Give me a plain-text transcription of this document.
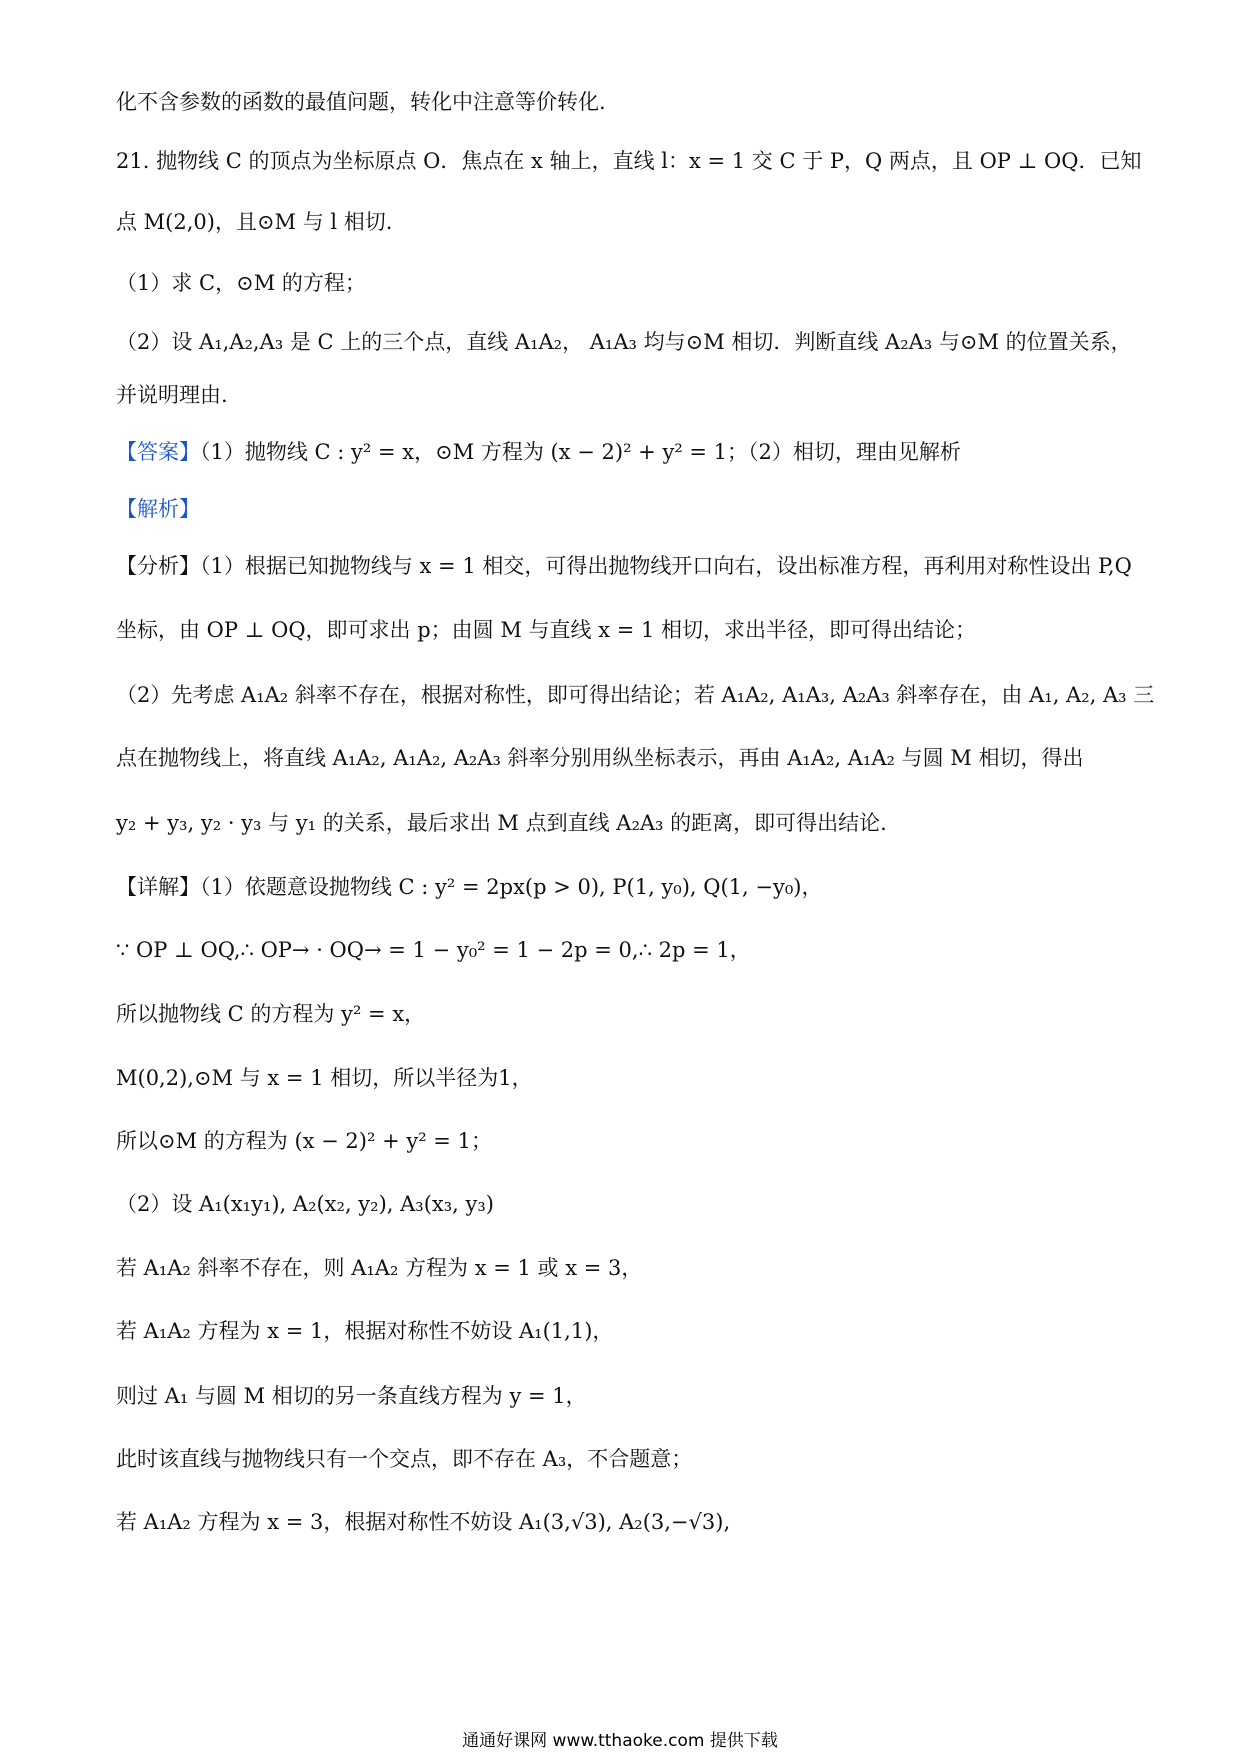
化不含参数的函数的最值问题，转化中注意等价转化.
21. 抛物线 C 的顶点为坐标原点 O．焦点在 x 轴上，直线 l：x = 1 交 C 于 P，Q 两点，且 OP ⊥ OQ．已知
点 M(2,0)，且⊙M 与 l 相切.
（1）求 C，⊙M 的方程；
（2）设 A₁,A₂,A₃ 是 C 上的三个点，直线 A₁A₂， A₁A₃ 均与⊙M 相切．判断直线 A₂A₃ 与⊙M 的位置关系，
并说明理由.
【答案】（1）抛物线 C : y² = x，⊙M 方程为 (x − 2)² + y² = 1；（2）相切，理由见解析
【解析】
【分析】（1）根据已知抛物线与 x = 1 相交，可得出抛物线开口向右，设出标准方程，再利用对称性设出 P,Q
坐标，由 OP ⊥ OQ，即可求出 p；由圆 M 与直线 x = 1 相切，求出半径，即可得出结论；
（2）先考虑 A₁A₂ 斜率不存在，根据对称性，即可得出结论；若 A₁A₂, A₁A₃, A₂A₃ 斜率存在，由 A₁, A₂, A₃ 三
点在抛物线上，将直线 A₁A₂, A₁A₂, A₂A₃ 斜率分别用纵坐标表示，再由 A₁A₂, A₁A₂ 与圆 M 相切，得出
y₂ + y₃, y₂ · y₃ 与 y₁ 的关系，最后求出 M 点到直线 A₂A₃ 的距离，即可得出结论.
【详解】（1）依题意设抛物线 C : y² = 2px(p > 0), P(1, y₀), Q(1, −y₀)，
∵ OP ⊥ OQ,∴ OP→ · OQ→ = 1 − y₀² = 1 − 2p = 0,∴ 2p = 1，
所以抛物线 C 的方程为 y² = x，
M(0,2),⊙M 与 x = 1 相切，所以半径为1，
所以⊙M 的方程为 (x − 2)² + y² = 1；
（2）设 A₁(x₁y₁), A₂(x₂, y₂), A₃(x₃, y₃)
若 A₁A₂ 斜率不存在，则 A₁A₂ 方程为 x = 1 或 x = 3，
若 A₁A₂ 方程为 x = 1，根据对称性不妨设 A₁(1,1)，
则过 A₁ 与圆 M 相切的另一条直线方程为 y = 1，
此时该直线与抛物线只有一个交点，即不存在 A₃，不合题意；
若 A₁A₂ 方程为 x = 3，根据对称性不妨设 A₁(3,√3), A₂(3,−√3),
通通好课网 www.tthaoke.com 提供下载
